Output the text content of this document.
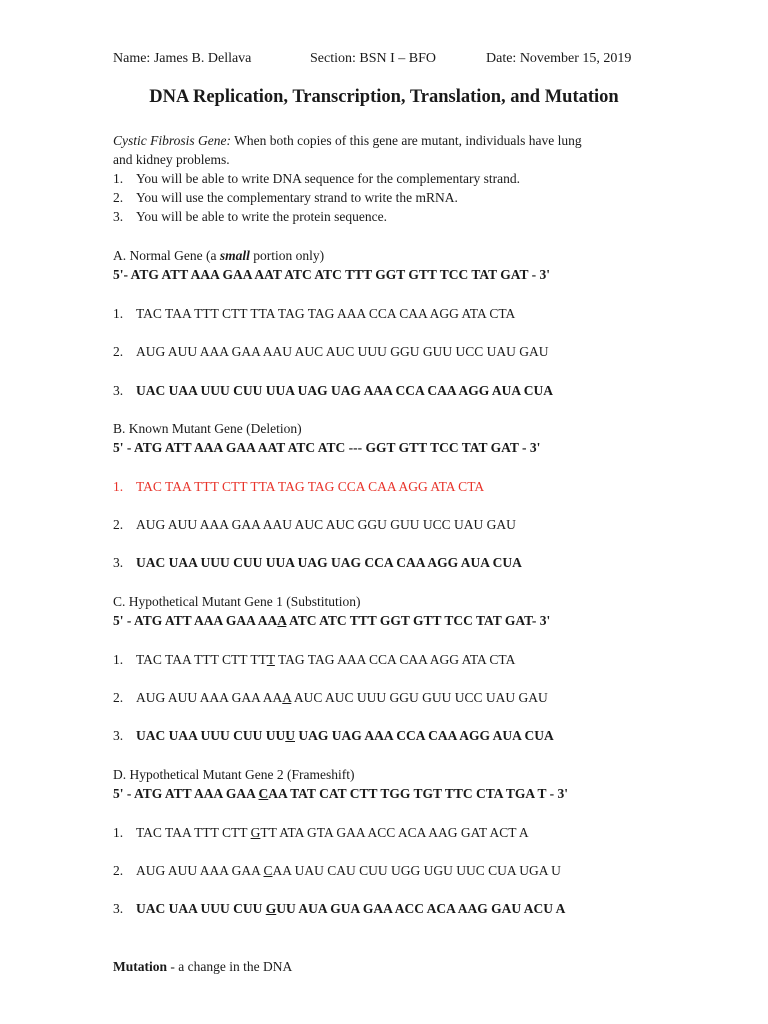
Name: James B. Dellava	Section: BSN I – BFO	Date: November 15, 2019
DNA Replication, Transcription, Translation, and Mutation
Cystic Fibrosis Gene: When both copies of this gene are mutant, individuals have lung
and kidney problems.
1. You will be able to write DNA sequence for the complementary strand.
2. You will use the complementary strand to write the mRNA.
3. You will be able to write the protein sequence.
A. Normal Gene (a small portion only)
5'- ATG ATT AAA GAA AAT ATC ATC TTT GGT GTT TCC TAT GAT - 3'
1. TAC TAA TTT CTT TTA TAG TAG AAA CCA CAA AGG ATA CTA
2. AUG AUU AAA GAA AAU AUC AUC UUU GGU GUU UCC UAU GAU
3. UAC UAA UUU CUU UUA UAG UAG AAA CCA CAA AGG AUA CUA
B. Known Mutant Gene (Deletion)
5' - ATG ATT AAA GAA AAT ATC ATC --- GGT GTT TCC TAT GAT - 3'
1. TAC TAA TTT CTT TTA TAG TAG CCA CAA AGG ATA CTA
2. AUG AUU AAA GAA AAU AUC AUC GGU GUU UCC UAU GAU
3. UAC UAA UUU CUU UUA UAG UAG CCA CAA AGG AUA CUA
C. Hypothetical Mutant Gene 1 (Substitution)
5' - ATG ATT AAA GAA AAA ATC ATC TTT GGT GTT TCC TAT GAT- 3'
1. TAC TAA TTT CTT TTT TAG TAG AAA CCA CAA AGG ATA CTA
2. AUG AUU AAA GAA AAA AUC AUC UUU GGU GUU UCC UAU GAU
3. UAC UAA UUU CUU UUU UAG UAG AAA CCA CAA AGG AUA CUA
D. Hypothetical Mutant Gene 2 (Frameshift)
5' - ATG ATT AAA GAA CAA TAT CAT CTT TGG TGT TTC CTA TGA T - 3'
1. TAC TAA TTT CTT GTT ATA GTA GAA ACC ACA AAG GAT ACT A
2. AUG AUU AAA GAA CAA UAU CAU CUU UGG UGU UUC CUA UGA U
3. UAC UAA UUU CUU GUU AUA GUA GAA ACC ACA AAG GAU ACU A
Mutation - a change in the DNA
